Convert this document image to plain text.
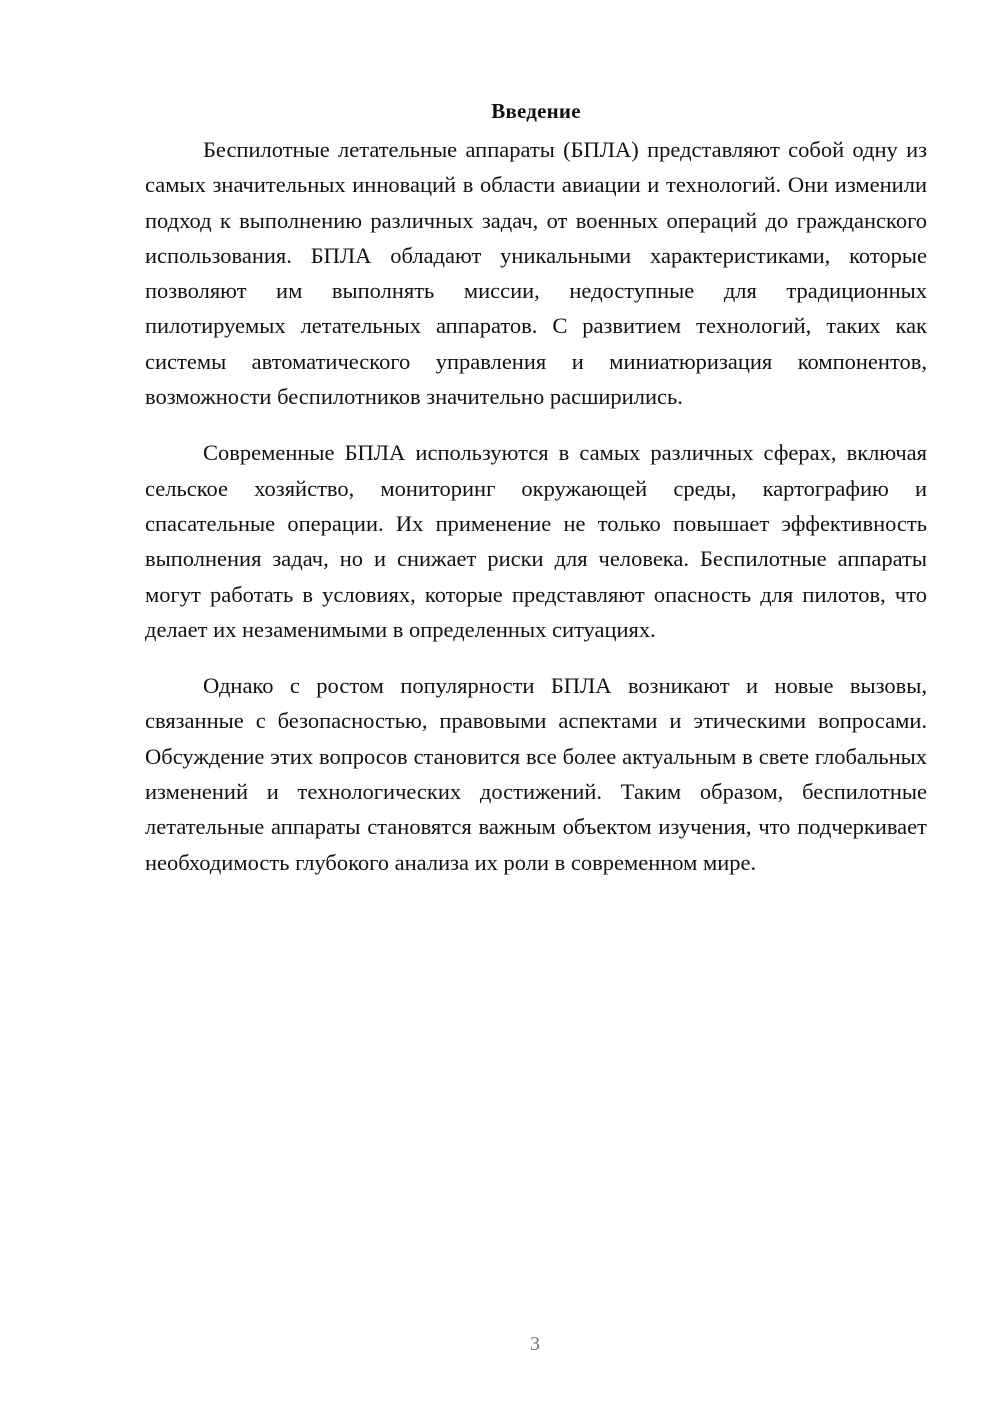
Введение

Беспилотные летательные аппараты (БПЛА) представляют собой одну из самых значительных инноваций в области авиации и технологий. Они изменили подход к выполнению различных задач, от военных операций до гражданского использования. БПЛА обладают уникальными характеристиками, которые позволяют им выполнять миссии, недоступные для традиционных пилотируемых летательных аппаратов. С развитием технологий, таких как системы автоматического управления и миниатюризация компонентов, возможности беспилотников значительно расширились.

Современные БПЛА используются в самых различных сферах, включая сельское хозяйство, мониторинг окружающей среды, картографию и спасательные операции. Их применение не только повышает эффективность выполнения задач, но и снижает риски для человека. Беспилотные аппараты могут работать в условиях, которые представляют опасность для пилотов, что делает их незаменимыми в определенных ситуациях.

Однако с ростом популярности БПЛА возникают и новые вызовы, связанные с безопасностью, правовыми аспектами и этическими вопросами. Обсуждение этих вопросов становится все более актуальным в свете глобальных изменений и технологических достижений. Таким образом, беспилотные летательные аппараты становятся важным объектом изучения, что подчеркивает необходимость глубокого анализа их роли в современном мире.

3
